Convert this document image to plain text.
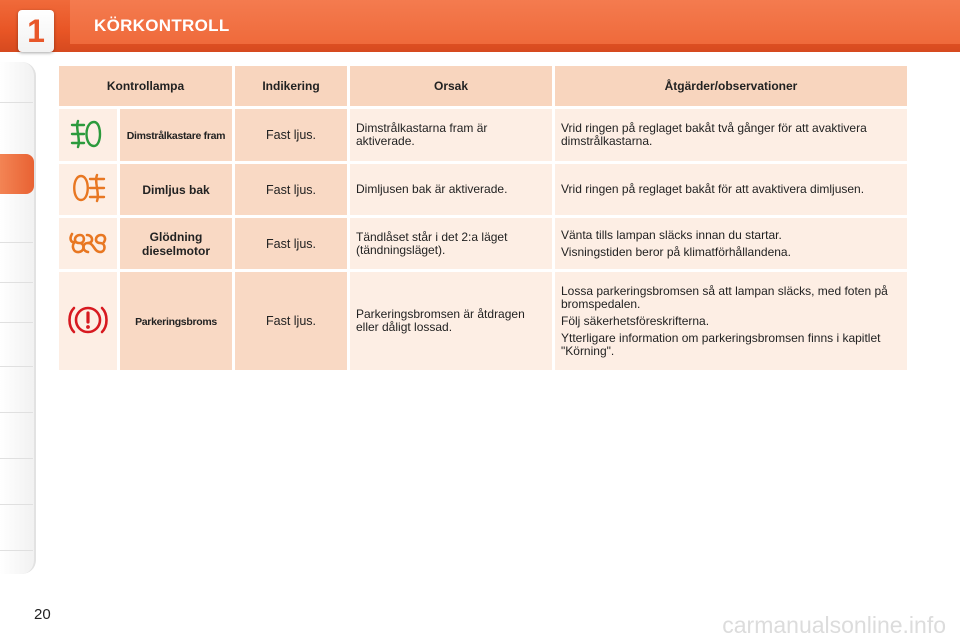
1	KÖRKONTROLL
Kontrollampa		Indikering	Orsak	Åtgärder/observationer
	Dimstrålkastare fram	Fast ljus.	Dimstrålkastarna fram är aktiverade.	Vrid ringen på reglaget bakåt två gånger för att avaktivera dimstrålkastarna.

	Dimljus bak	Fast ljus.	Dimljusen bak är aktiverade.	Vrid ringen på reglaget bakåt för att avaktivera dimljusen.

	Glödning dieselmotor	Fast ljus.	Tändlåset står i det 2:a läget (tändningsläget).	Vänta tills lampan släcks innan du startar.

Visningstiden beror på klimatförhållandena.

	Parkeringsbroms	Fast ljus.	Parkeringsbromsen är åtdragen eller dåligt lossad.	Lossa parkeringsbromsen så att lampan släcks, med foten på bromspedalen.

Följ säkerhetsföreskrifterna.

Ytterligare information om parkeringsbromsen finns i kapitlet "Körning".

20	carmanualsonline.info
